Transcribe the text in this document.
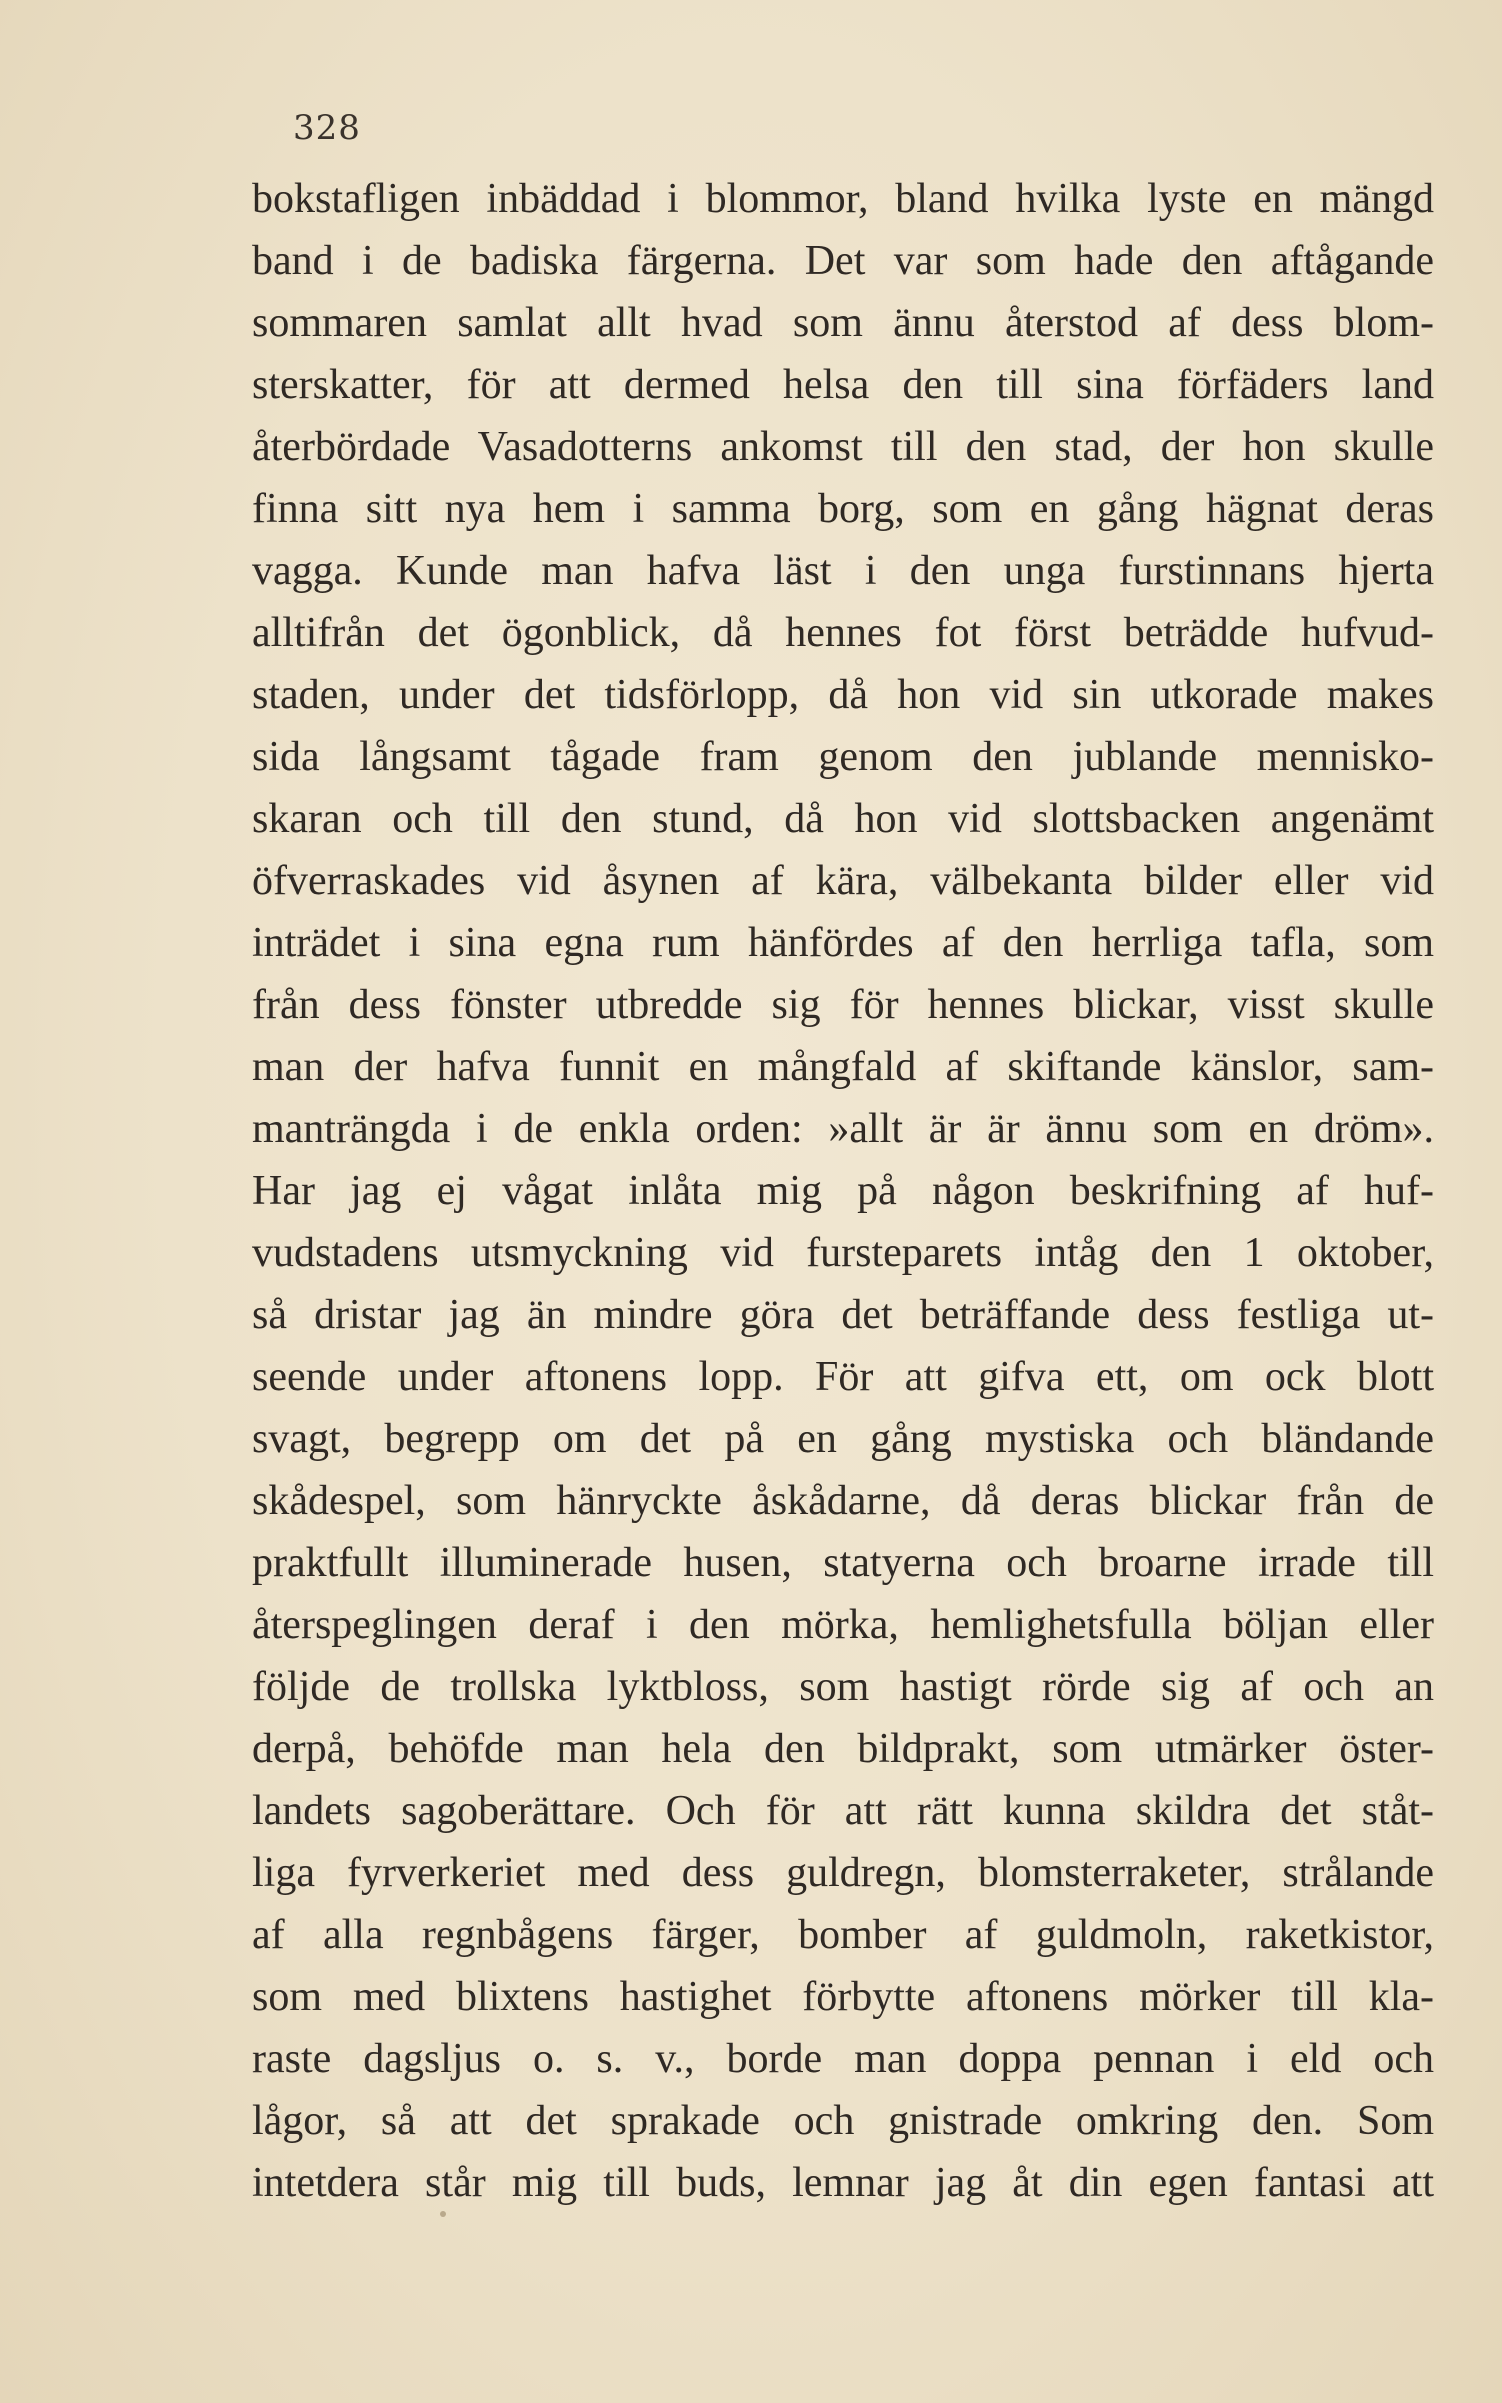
328
bokstafligen inbäddad i blommor, bland hvilka lyste en mängd
band i de badiska färgerna. Det var som hade den aftågande
sommaren samlat allt hvad som ännu återstod af dess blom-
sterskatter, för att dermed helsa den till sina förfäders land
återbördade Vasadotterns ankomst till den stad, der hon skulle
finna sitt nya hem i samma borg, som en gång hägnat deras
vagga. Kunde man hafva läst i den unga furstinnans hjerta
alltifrån det ögonblick, då hennes fot först beträdde hufvud-
staden, under det tidsförlopp, då hon vid sin utkorade makes
sida långsamt tågade fram genom den jublande mennisko-
skaran och till den stund, då hon vid slottsbacken angenämt
öfverraskades vid åsynen af kära, välbekanta bilder eller vid
inträdet i sina egna rum hänfördes af den herrliga tafla, som
från dess fönster utbredde sig för hennes blickar, visst skulle
man der hafva funnit en mångfald af skiftande känslor, sam-
manträngda i de enkla orden: »allt är är ännu som en dröm».
Har jag ej vågat inlåta mig på någon beskrifning af huf-
vudstadens utsmyckning vid fursteparets intåg den 1 oktober,
så dristar jag än mindre göra det beträffande dess festliga ut-
seende under aftonens lopp. För att gifva ett, om ock blott
svagt, begrepp om det på en gång mystiska och bländande
skådespel, som hänryckte åskådarne, då deras blickar från de
praktfullt illuminerade husen, statyerna och broarne irrade till
återspeglingen deraf i den mörka, hemlighetsfulla böljan eller
följde de trollska lyktbloss, som hastigt rörde sig af och an
derpå, behöfde man hela den bildprakt, som utmärker öster-
landets sagoberättare. Och för att rätt kunna skildra det ståt-
liga fyrverkeriet med dess guldregn, blomsterraketer, strålande
af alla regnbågens färger, bomber af guldmoln, raketkistor,
som med blixtens hastighet förbytte aftonens mörker till kla-
raste dagsljus o. s. v., borde man doppa pennan i eld och
lågor, så att det sprakade och gnistrade omkring den. Som
intetdera står mig till buds, lemnar jag åt din egen fantasi att
